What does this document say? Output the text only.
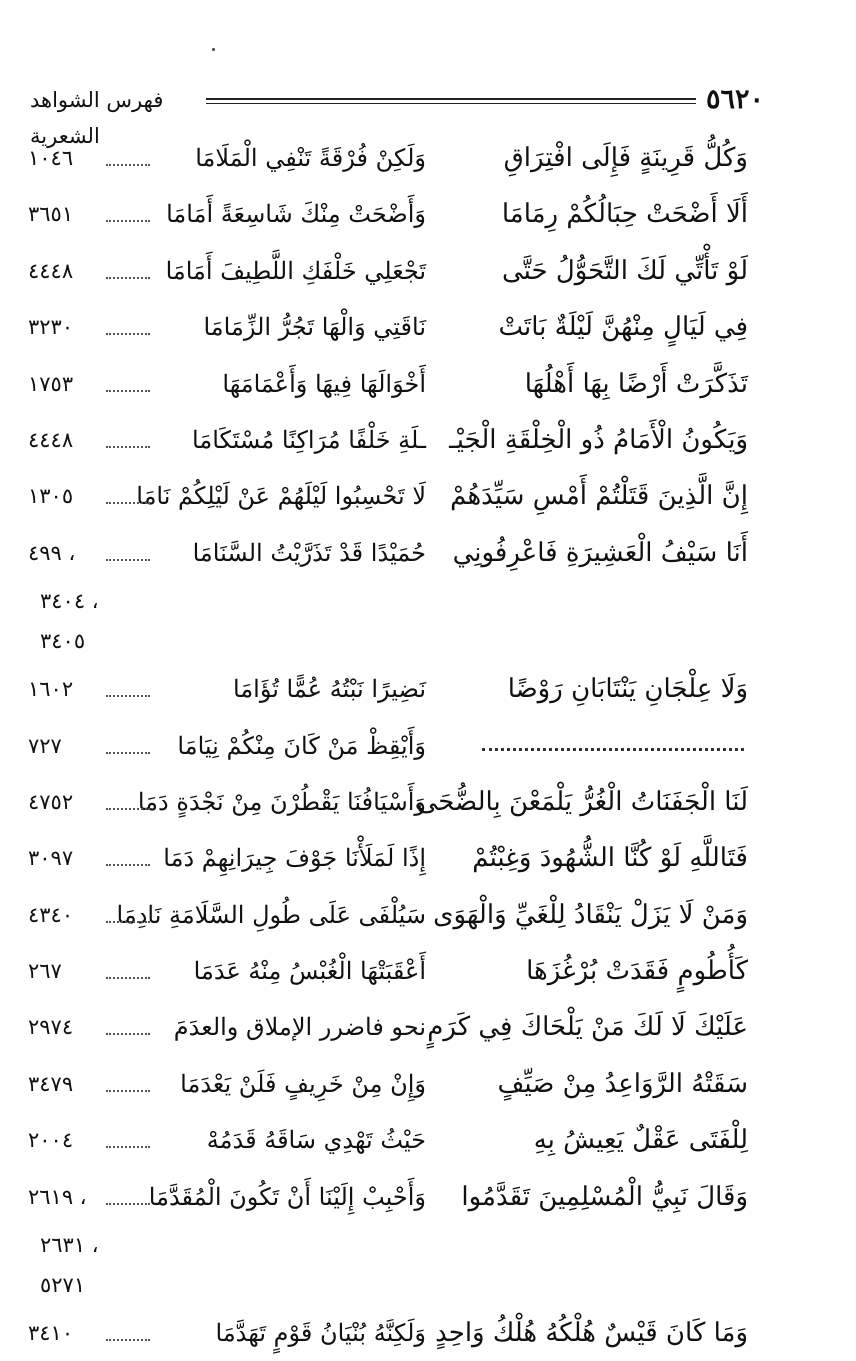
٥٦٢٠
فهرس الشواهد الشعرية
وَكُلُّ قَرِينَةٍ فَإِلَى افْتِرَاقِ
وَلَكِنْ فُرْقَةً تَنْفِي الْمَلَامَا
١٠٤٦
أَلَا أَضْحَتْ حِبَالُكُمْ رِمَامَا
وَأَضْحَتْ مِنْكَ شَاسِعَةً أَمَامَا
٣٦٥١
لَوْ تَأْتِّي لَكَ التَّحَوُّلُ حَتَّى
تَجْعَلِي خَلْفَكِ اللَّطِيفَ أَمَامَا
٤٤٤٨
فِي لَيَالٍ مِنْهُنَّ لَيْلَةٌ بَاتَتْ
نَاقَتِي وَالْهَا تَجُرُّ الزِّمَامَا
٣٢٣٠
تَذَكَّرَتْ أَرْضًا بِهَا أَهْلُهَا
أَخْوَالَهَا فِيهَا وَأَعْمَامَهَا
١٧٥٣
وَيَكُونُ الْأَمَامُ ذُو الْخِلْقَةِ الْجَيْـ
ـلَةِ خَلْفًا مُرَاكِنًا مُسْتَكَامَا
٤٤٤٨
إِنَّ الَّذِينَ قَتَلْتُمْ أَمْسِ سَيِّدَهُمْ
لَا تَحْسِبُوا لَيْلَهُمْ عَنْ لَيْلِكُمْ نَامَا
١٣٠٥
أَنَا سَيْفُ الْعَشِيرَةِ فَاعْرِفُونِي
حُمَيْدًا قَدْ تَذَرَّيْتُ السَّنَامَا
٤٩٩ ،
٣٤٠٤ ،
٣٤٠٥
وَلَا عِلْجَانِ يَنْتَابَانِ رَوْضًا
نَضِيرًا نَبْتُهُ عُمًّا تُؤَامَا
١٦٠٢
وَأَيْقِظْ مَنْ كَانَ مِنْكُمْ نِيَامَا
٧٢٧
لَنَا الْجَفَنَاتُ الْغُرُّ يَلْمَعْنَ بِالضُّحَى
وَأَسْيَافُنَا يَقْطُرْنَ مِنْ نَجْدَةٍ دَمَا
٤٧٥٢
فَتَاللَّهِ لَوْ كُنَّا الشُّهُودَ وَغِبْتُمْ
إِذًا لَمَلَأْنَا جَوْفَ جِيرَانِهِمْ دَمَا
٣٠٩٧
وَمَنْ لَا يَزَلْ يَنْقَادُ لِلْغَيِّ وَالْهَوَى
سَيُلْفَى عَلَى طُولِ السَّلَامَةِ نَادِمَا
٤٣٤٠
كَأُطُومٍ فَقَدَتْ بُرْغُزَهَا
أَعْقَبَتْهَا الْغُبْسُ مِنْهُ عَدَمَا
٢٦٧
عَلَيْكَ لَا لَكَ مَنْ يَلْحَاكَ فِي كَرَمٍ
نحو فاضرر الإملاق والعدَمَ
٢٩٧٤
سَقَتْهُ الرَّوَاعِدُ مِنْ صَيِّفٍ
وَإِنْ مِنْ خَرِيفٍ فَلَنْ يَعْدَمَا
٣٤٧٩
لِلْفَتَى عَقْلٌ يَعِيشُ بِهِ
حَيْثُ تَهْدِي سَاقَهُ قَدَمُهْ
٢٠٠٤
وَقَالَ نَبِيُّ الْمُسْلِمِينَ تَقَدَّمُوا
وَأَحْبِبْ إِلَيْنَا أَنْ تَكُونَ الْمُقَدَّمَا
٢٦١٩ ،
٢٦٣١ ،
٥٢٧١
وَمَا كَانَ قَيْسٌ هُلْكُهُ هُلْكُ وَاحِدٍ
وَلَكِنَّهُ بُنْيَانُ قَوْمٍ تَهَدَّمَا
٣٤١٠
